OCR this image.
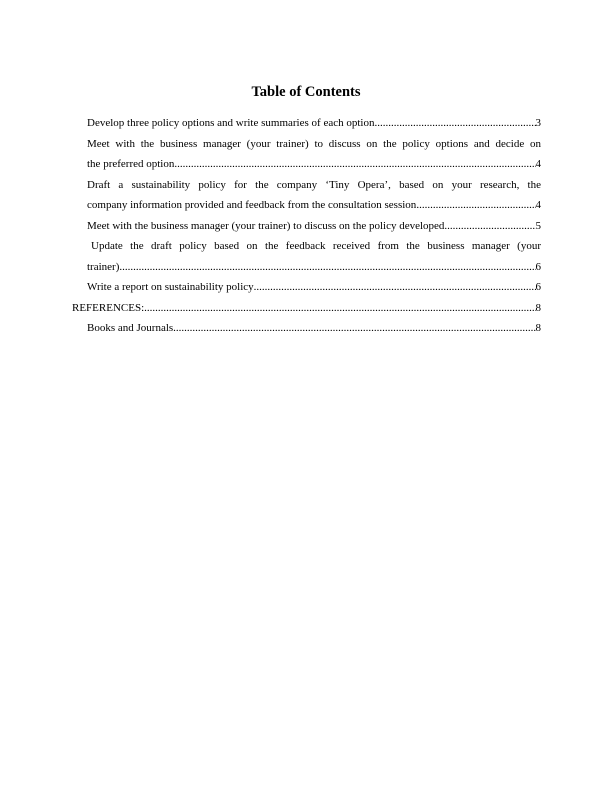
Table of Contents
Develop three policy options and write summaries of each option. .....	3
Meet with the business manager (your trainer) to discuss on the policy options and decide on
the preferred option .....	4
Draft a sustainability policy for the company ‘Tiny Opera’, based on your research, the
company information provided and feedback from the consultation session .....	4
Meet with the business manager (your trainer) to discuss on the policy developed .....	5
Update the draft policy based on the feedback received from the business manager (your
trainer) .....	6
Write a report on sustainability policy .....	6
REFERENCES: .....	8
Books and Journals .....	8
